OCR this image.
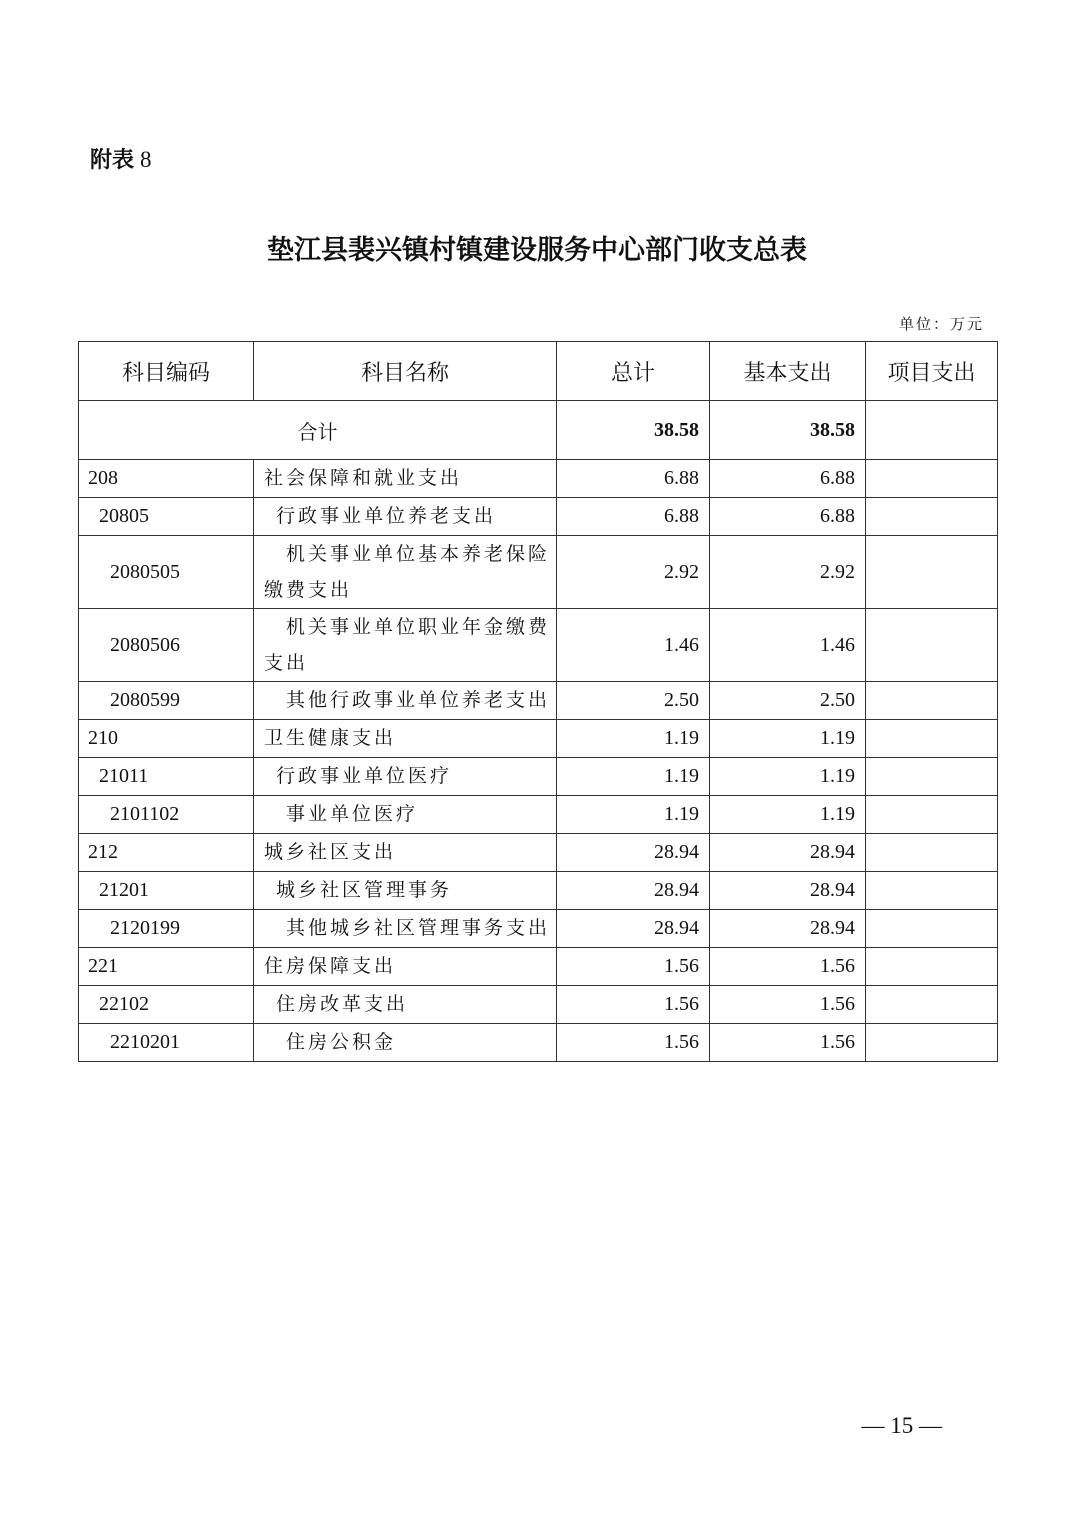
附表 8
垫江县裴兴镇村镇建设服务中心部门收支总表
单位：万元
科目编码	科目名称	总计	基本支出	项目支出
合计		38.58	38.58	
208	社会保障和就业支出	6.88	6.88	
20805	行政事业单位养老支出	6.88	6.88	
2080505	机关事业单位基本养老保险缴费支出	2.92	2.92	
2080506	机关事业单位职业年金缴费支出	1.46	1.46	
2080599	其他行政事业单位养老支出	2.50	2.50	
210	卫生健康支出	1.19	1.19	
21011	行政事业单位医疗	1.19	1.19	
2101102	事业单位医疗	1.19	1.19	
212	城乡社区支出	28.94	28.94	
21201	城乡社区管理事务	28.94	28.94	
2120199	其他城乡社区管理事务支出	28.94	28.94	
221	住房保障支出	1.56	1.56	
22102	住房改革支出	1.56	1.56	
2210201	住房公积金	1.56	1.56	
— 15 —
